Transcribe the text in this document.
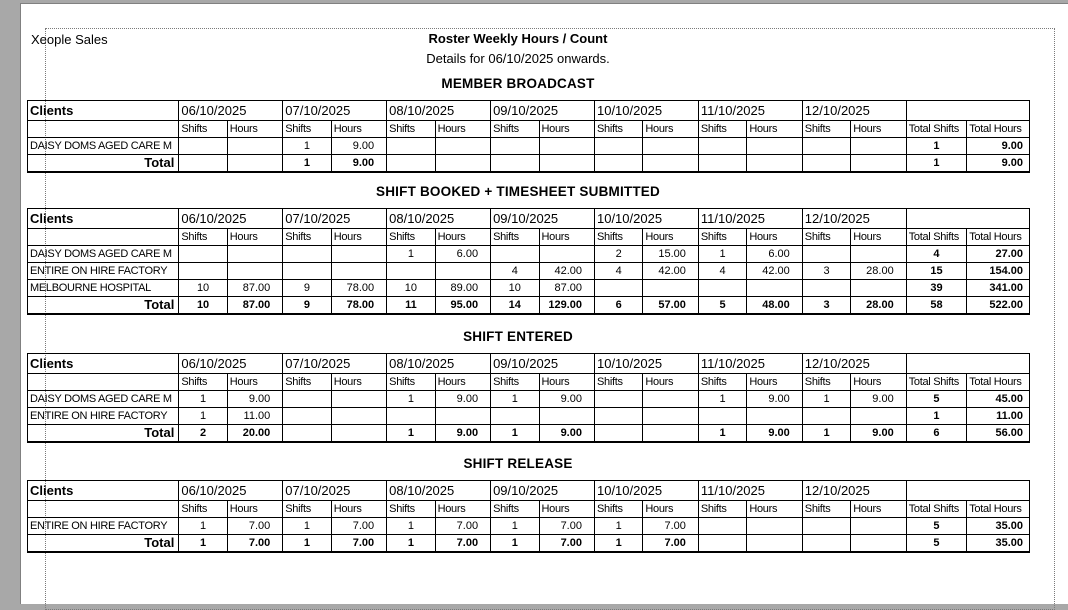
Xeople Sales	Roster Weekly Hours / Count
Details for 06/10/2025 onwards.
MEMBER BROADCAST
Clients	06/10/2025		07/10/2025		08/10/2025		09/10/2025		10/10/2025		11/10/2025		12/10/2025			
	Shifts	Hours	Shifts	Hours	Shifts	Hours	Shifts	Hours	Shifts	Hours	Shifts	Hours	Shifts	Hours	Total Shifts	Total Hours
DAISY DOMS AGED CARE M			1	9.00											1	9.00
Total			1	9.00											1	9.00
SHIFT BOOKED + TIMESHEET SUBMITTED
Clients	06/10/2025		07/10/2025		08/10/2025		09/10/2025		10/10/2025		11/10/2025		12/10/2025			
	Shifts	Hours	Shifts	Hours	Shifts	Hours	Shifts	Hours	Shifts	Hours	Shifts	Hours	Shifts	Hours	Total Shifts	Total Hours
DAISY DOMS AGED CARE M					1	6.00			2	15.00	1	6.00			4	27.00
ENTIRE ON HIRE FACTORY							4	42.00	4	42.00	4	42.00	3	28.00	15	154.00
MELBOURNE HOSPITAL	10	87.00	9	78.00	10	89.00	10	87.00							39	341.00
Total	10	87.00	9	78.00	11	95.00	14	129.00	6	57.00	5	48.00	3	28.00	58	522.00
SHIFT ENTERED
Clients	06/10/2025		07/10/2025		08/10/2025		09/10/2025		10/10/2025		11/10/2025		12/10/2025			
	Shifts	Hours	Shifts	Hours	Shifts	Hours	Shifts	Hours	Shifts	Hours	Shifts	Hours	Shifts	Hours	Total Shifts	Total Hours
DAISY DOMS AGED CARE M	1	9.00			1	9.00	1	9.00			1	9.00	1	9.00	5	45.00
ENTIRE ON HIRE FACTORY	1	11.00													1	11.00
Total	2	20.00			1	9.00	1	9.00			1	9.00	1	9.00	6	56.00
SHIFT RELEASE
Clients	06/10/2025		07/10/2025		08/10/2025		09/10/2025		10/10/2025		11/10/2025		12/10/2025			
	Shifts	Hours	Shifts	Hours	Shifts	Hours	Shifts	Hours	Shifts	Hours	Shifts	Hours	Shifts	Hours	Total Shifts	Total Hours
ENTIRE ON HIRE FACTORY	1	7.00	1	7.00	1	7.00	1	7.00	1	7.00					5	35.00
Total	1	7.00	1	7.00	1	7.00	1	7.00	1	7.00					5	35.00
